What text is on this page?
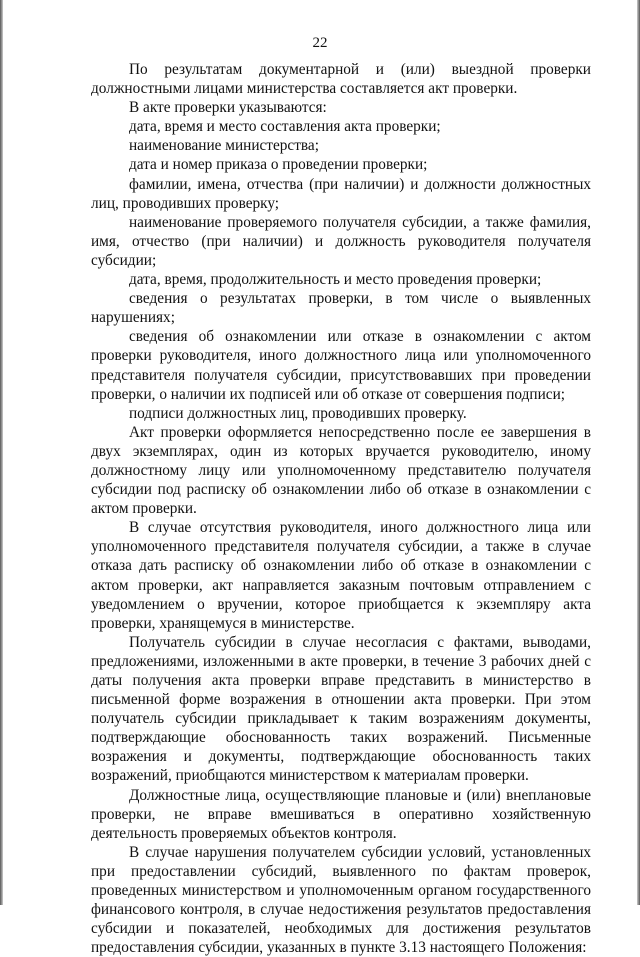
22

По результатам документарной и (или) выездной проверки должностными лицами министерства составляется акт проверки.

В акте проверки указываются:

дата, время и место составления акта проверки;

наименование министерства;

дата и номер приказа о проведении проверки;

фамилии, имена, отчества (при наличии) и должности должностных лиц, проводивших проверку;

наименование проверяемого получателя субсидии, а также фамилия, имя, отчество (при наличии) и должность руководителя получателя субсидии;

дата, время, продолжительность и место проведения проверки;

сведения о результатах проверки, в том числе о выявленных нарушениях;

сведения об ознакомлении или отказе в ознакомлении с актом проверки руководителя, иного должностного лица или уполномоченного представителя получателя субсидии, присутствовавших при проведении проверки, о наличии их подписей или об отказе от совершения подписи;

подписи должностных лиц, проводивших проверку.

Акт проверки оформляется непосредственно после ее завершения в двух экземплярах, один из которых вручается руководителю, иному должностному лицу или уполномоченному представителю получателя субсидии под расписку об ознакомлении либо об отказе в ознакомлении с актом проверки.

В случае отсутствия руководителя, иного должностного лица или уполномоченного представителя получателя субсидии, а также в случае отказа дать расписку об ознакомлении либо об отказе в ознакомлении с актом проверки, акт направляется заказным почтовым отправлением с уведомлением о вручении, которое приобщается к экземпляру акта проверки, хранящемуся в министерстве.

Получатель субсидии в случае несогласия с фактами, выводами, предложениями, изложенными в акте проверки, в течение 3 рабочих дней с даты получения акта проверки вправе представить в министерство в письменной форме возражения в отношении акта проверки. При этом получатель субсидии прикладывает к таким возражениям документы, подтверждающие обоснованность таких возражений. Письменные возражения и документы, подтверждающие обоснованность таких возражений, приобщаются министерством к материалам проверки.

Должностные лица, осуществляющие плановые и (или) внеплановые проверки, не вправе вмешиваться в оперативно хозяйственную деятельность проверяемых объектов контроля.

В случае нарушения получателем субсидии условий, установленных при предоставлении субсидий, выявленного по фактам проверок, проведенных министерством и уполномоченным органом государственного финансового контроля, в случае недостижения результатов предоставления субсидии и показателей, необходимых для достижения результатов предоставления субсидии, указанных в пункте 3.13 настоящего Положения:
